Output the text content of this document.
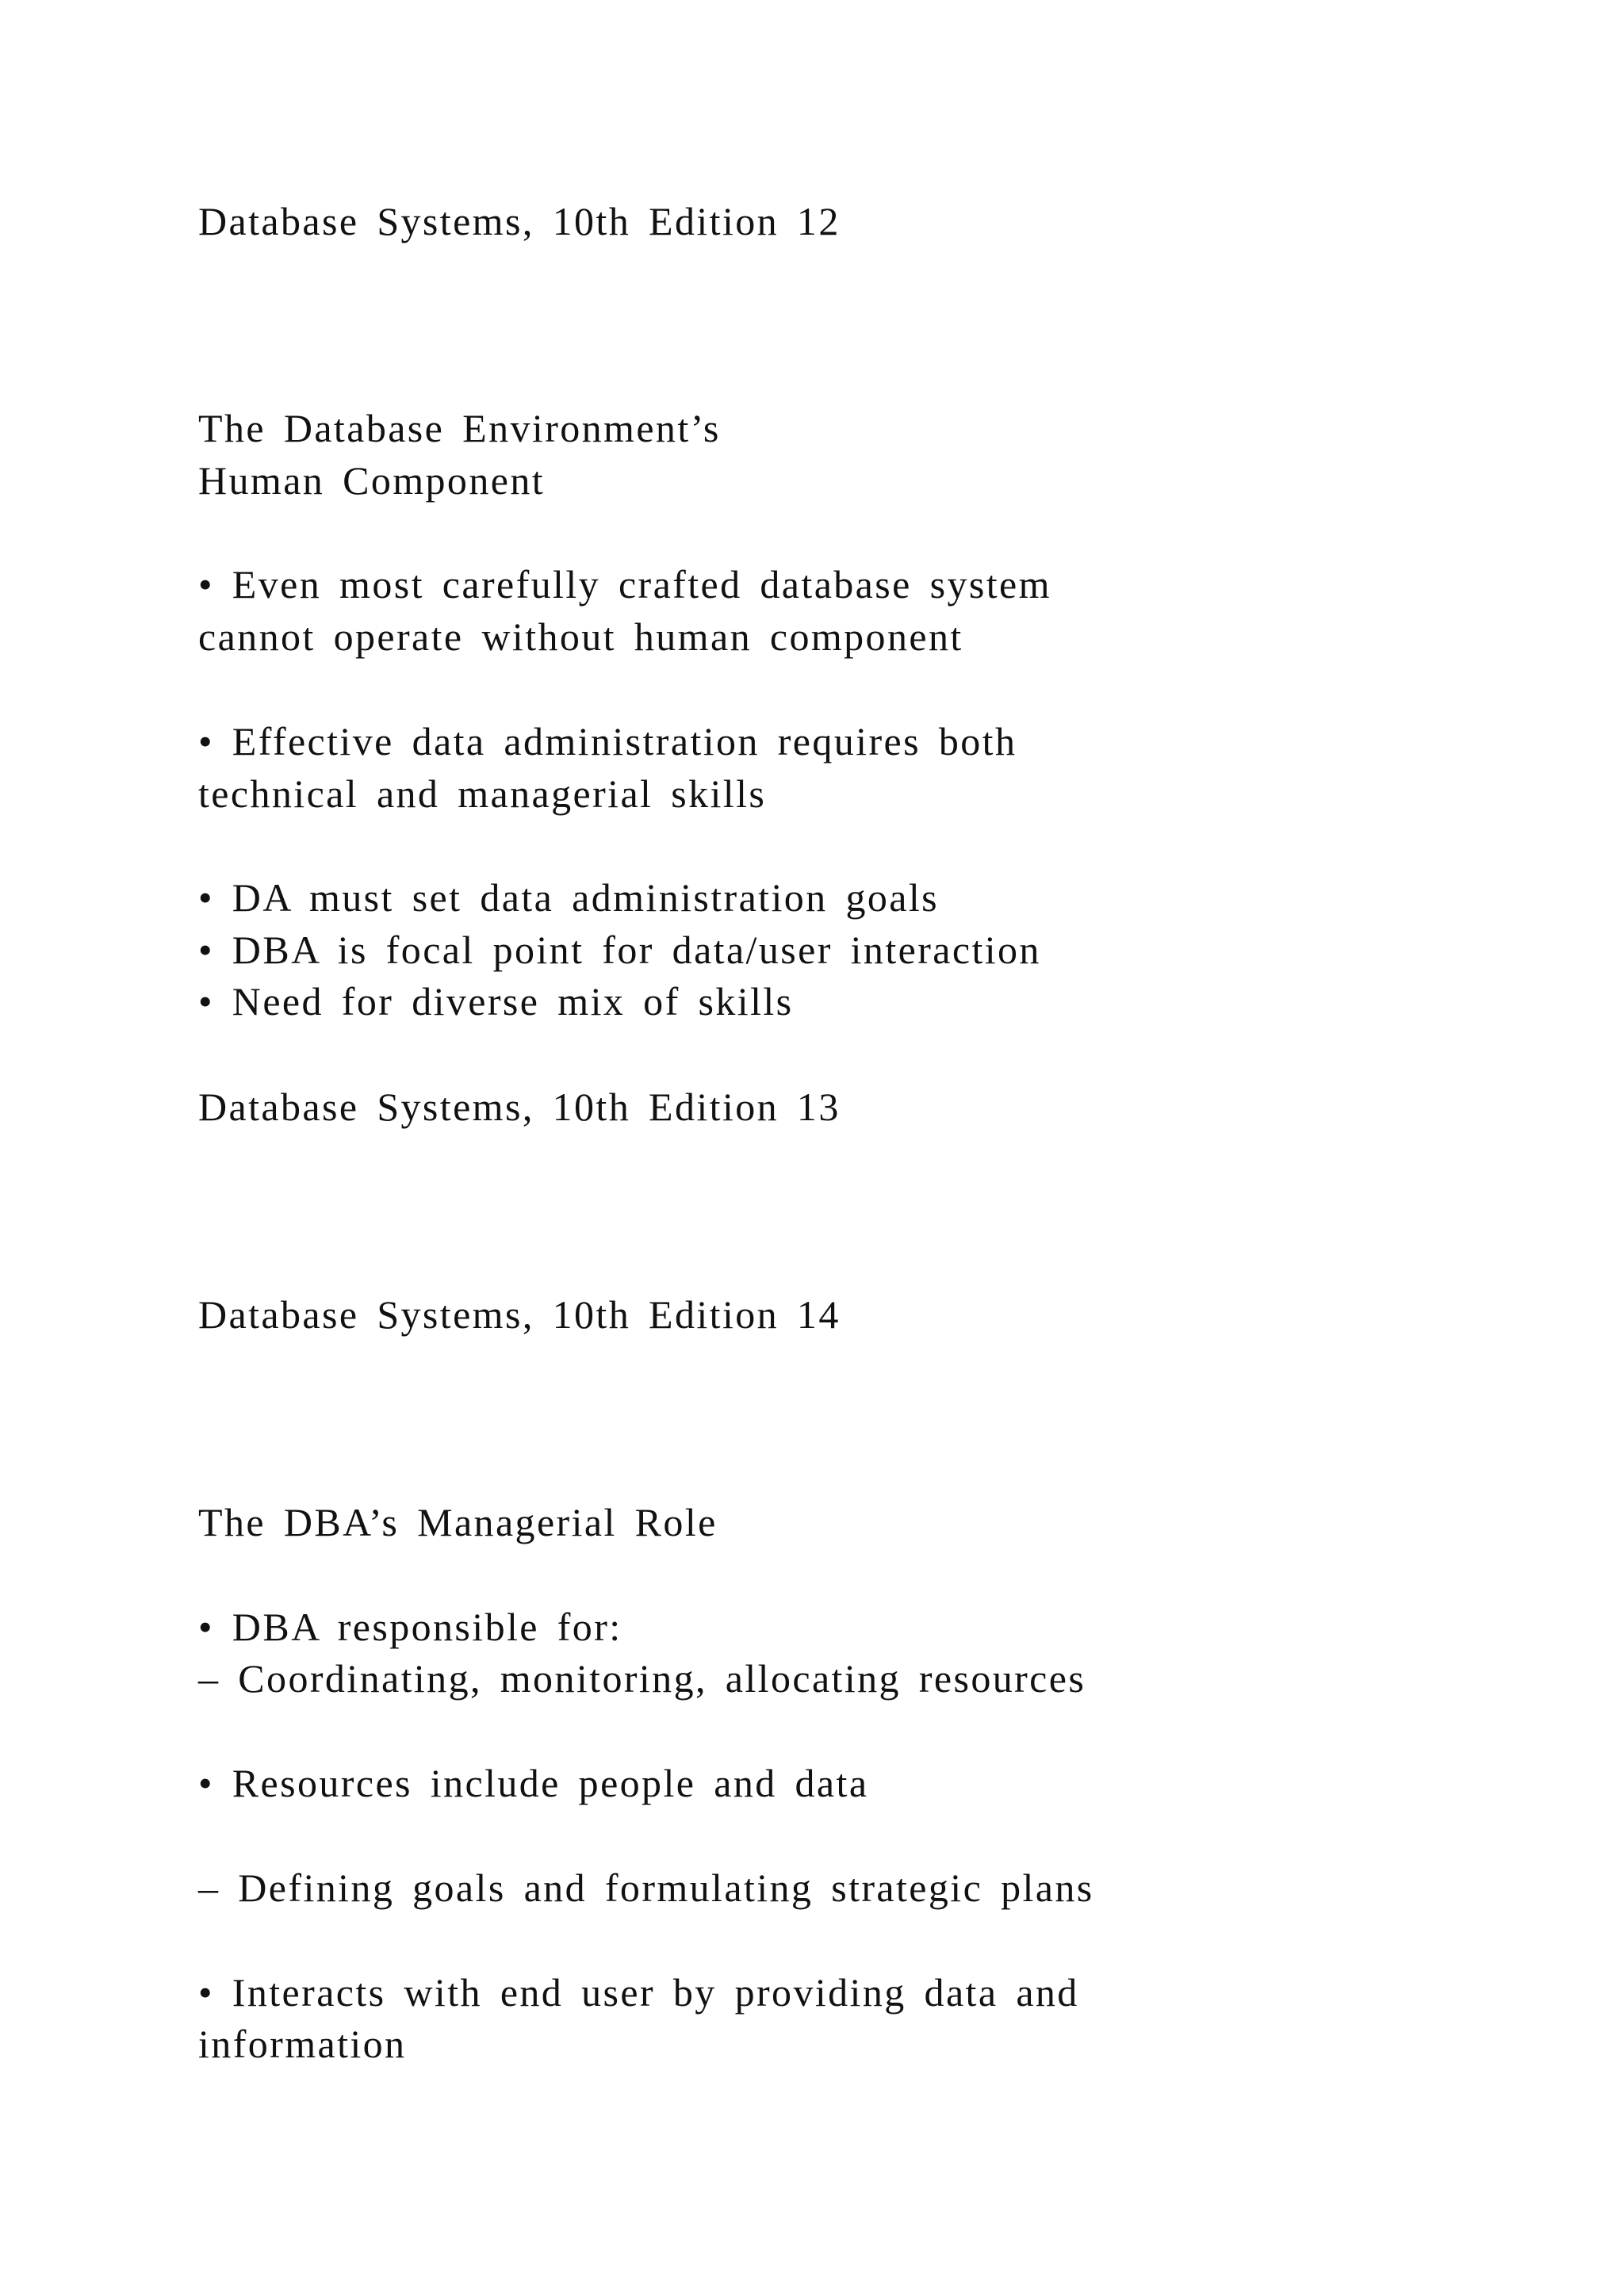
Database Systems, 10th Edition 12
The Database Environment’s
Human Component
• Even most carefully crafted database system
cannot operate without human component
• Effective data administration requires both
technical and managerial skills
• DA must set data administration goals
• DBA is focal point for data/user interaction
• Need for diverse mix of skills
Database Systems, 10th Edition 13
Database Systems, 10th Edition 14
The DBA’s Managerial Role
• DBA responsible for:
– Coordinating, monitoring, allocating resources
• Resources include people and data
– Defining goals and formulating strategic plans
• Interacts with end user by providing data and
information
